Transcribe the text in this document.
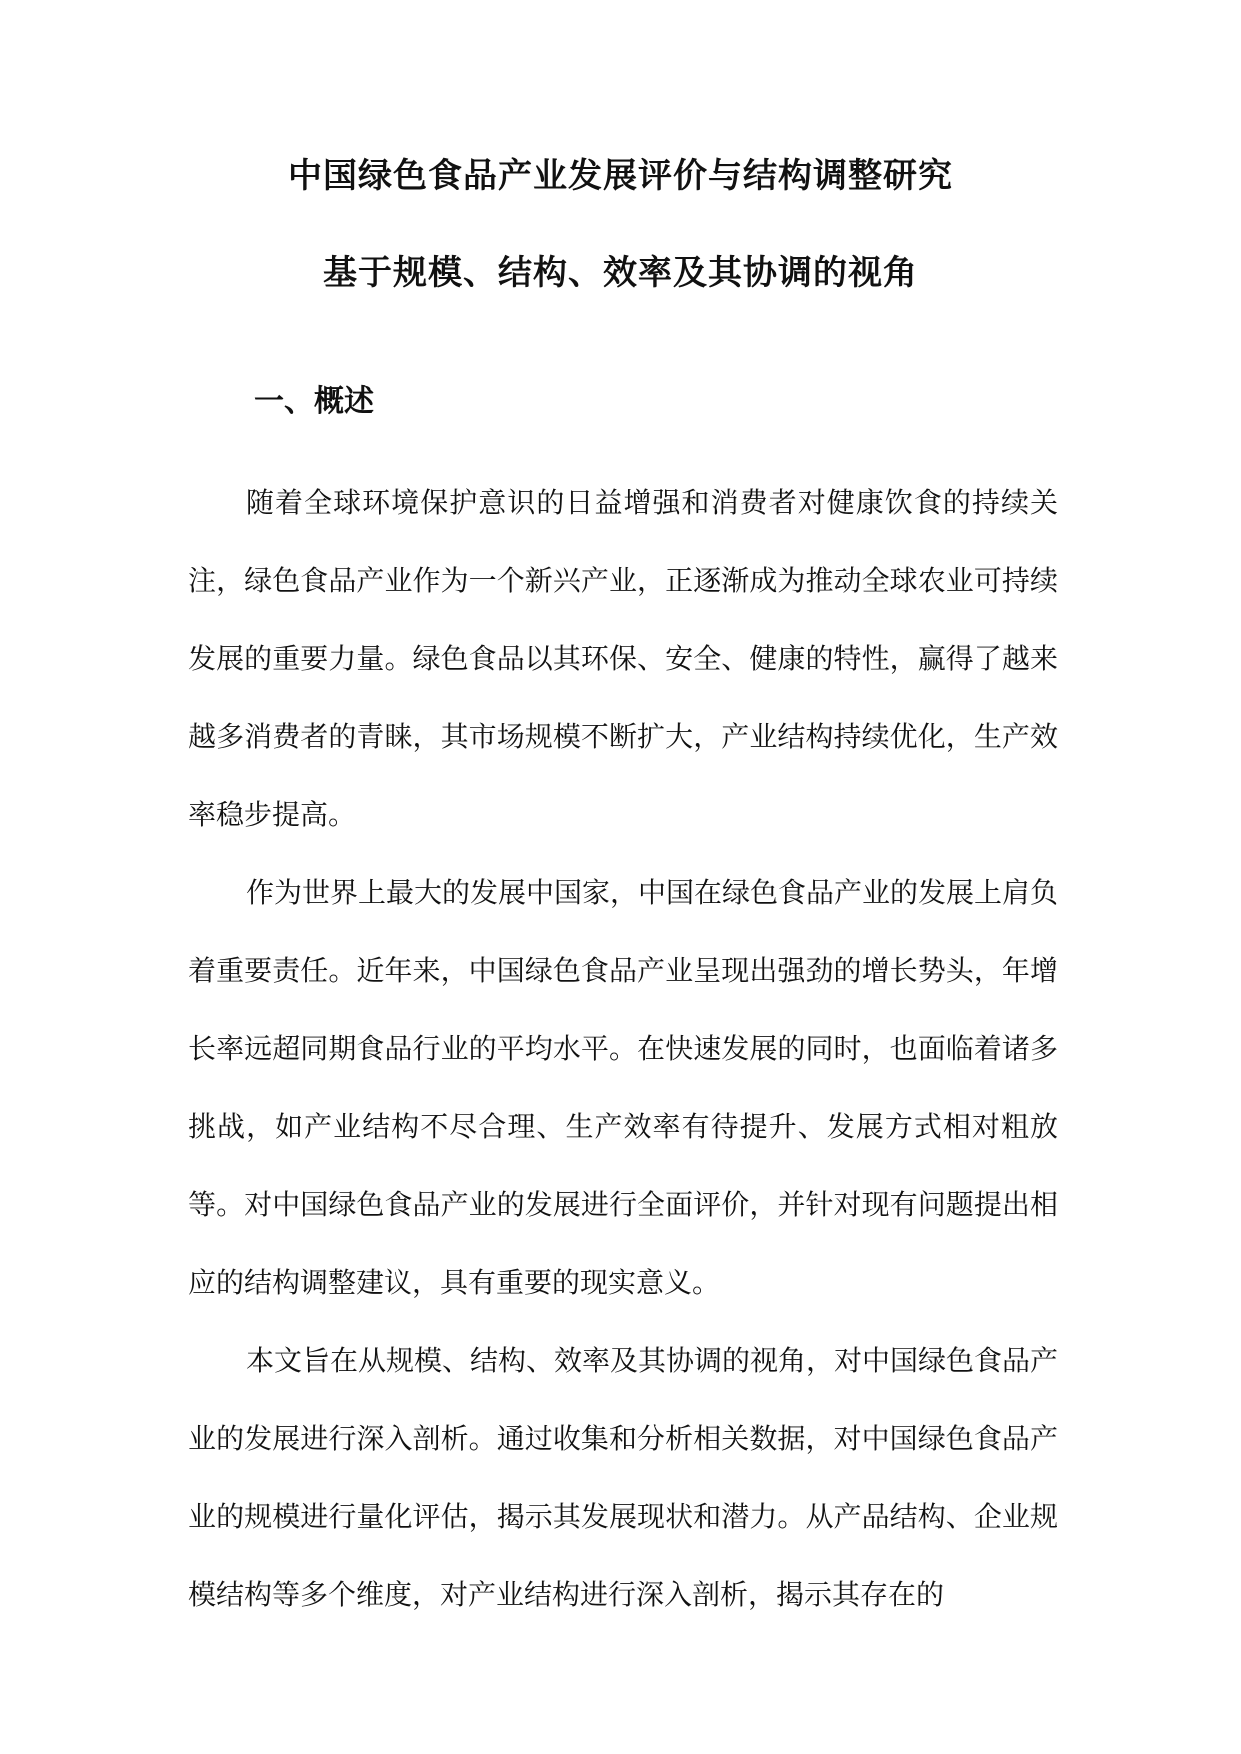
中国绿色食品产业发展评价与结构调整研究
基于规模、结构、效率及其协调的视角
一、概述

随着全球环境保护意识的日益增强和消费者对健康饮食的持续关注，绿色食品产业作为一个新兴产业，正逐渐成为推动全球农业可持续发展的重要力量。绿色食品以其环保、安全、健康的特性，赢得了越来越多消费者的青睐，其市场规模不断扩大，产业结构持续优化，生产效率稳步提高。

作为世界上最大的发展中国家，中国在绿色食品产业的发展上肩负着重要责任。近年来，中国绿色食品产业呈现出强劲的增长势头，年增长率远超同期食品行业的平均水平。在快速发展的同时，也面临着诸多挑战，如产业结构不尽合理、生产效率有待提升、发展方式相对粗放等。对中国绿色食品产业的发展进行全面评价，并针对现有问题提出相应的结构调整建议，具有重要的现实意义。

本文旨在从规模、结构、效率及其协调的视角，对中国绿色食品产业的发展进行深入剖析。通过收集和分析相关数据，对中国绿色食品产业的规模进行量化评估，揭示其发展现状和潜力。从产品结构、企业规模结构等多个维度，对产业结构进行深入剖析，揭示其存在的
